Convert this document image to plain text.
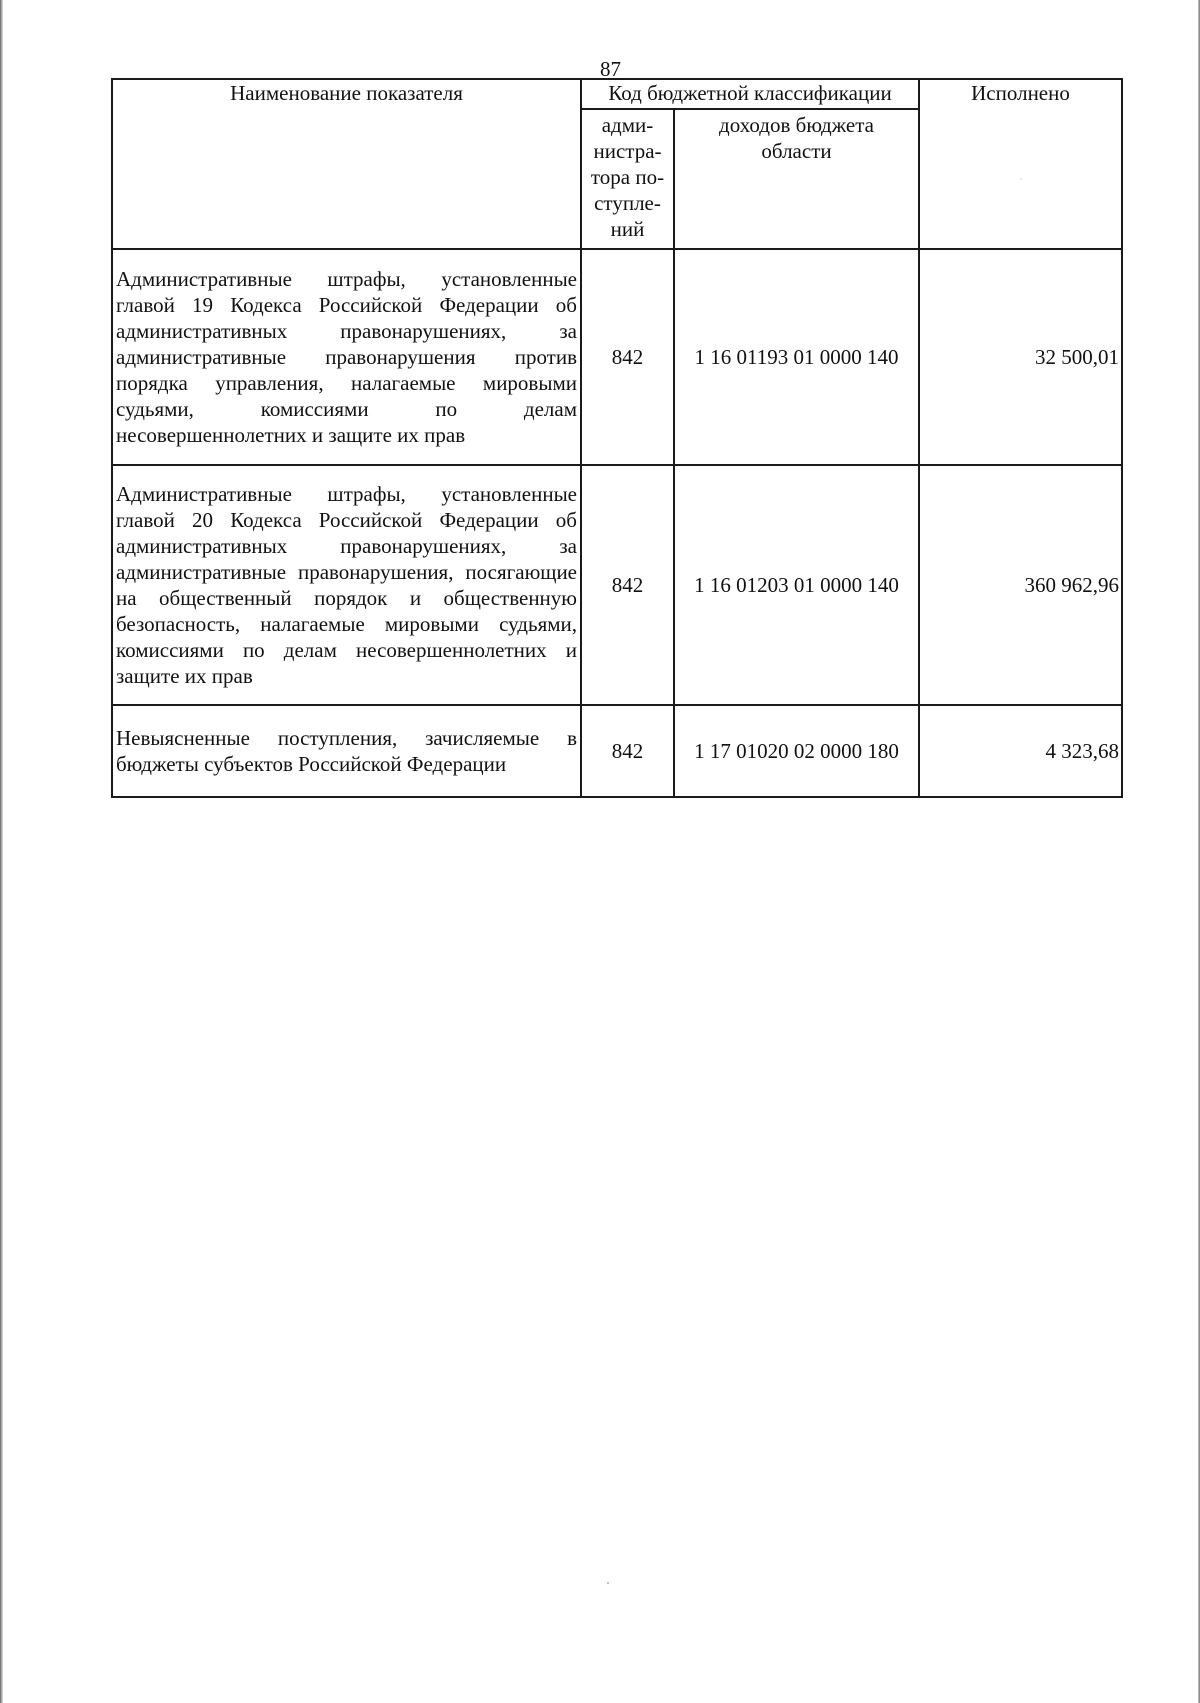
87
Наименование показателя	Код бюджетной классификации		Исполнено

	адми-
нистра-
тора по-
ступле-
ний	доходов бюджета
области	

Административные штрафы, установленные главой 19 Кодекса Российской Федерации об административных правонарушениях, за административные правонарушения против порядка управления, налагаемые мировыми судьями, комиссиями по делам несовершеннолетних и защите их прав	842	1 16 01193 01 0000 140	32 500,01
Административные штрафы, установленные главой 20 Кодекса Российской Федерации об административных правонарушениях, за административные правонарушения, посягающие на общественный порядок и общественную безопасность, налагаемые мировыми судьями, комиссиями по делам несовершеннолетних и защите их прав	842	1 16 01203 01 0000 140	360 962,96
Невыясненные поступления, зачисляемые в бюджеты субъектов Российской Федерации	842	1 17 01020 02 0000 180	4 323,68
